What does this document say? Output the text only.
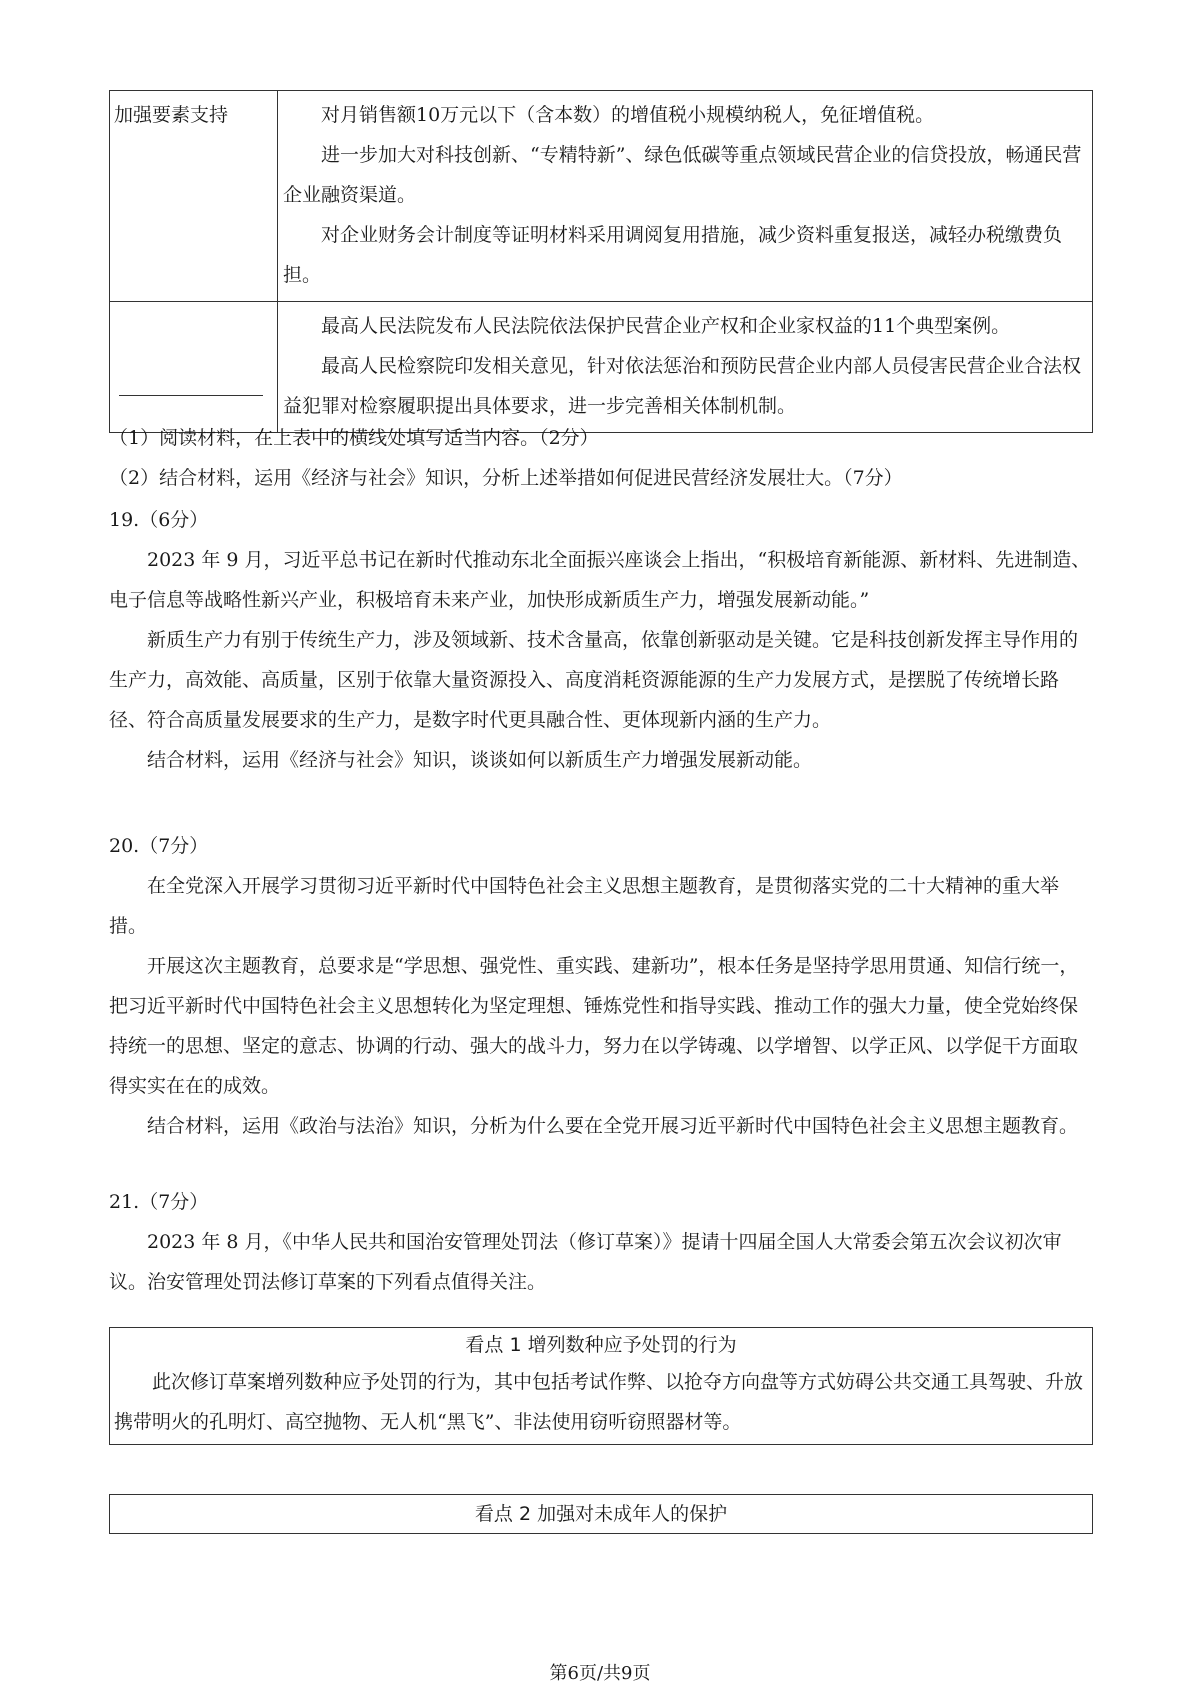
加强要素支持	对月销售额10万元以下（含本数）的增值税小规模纳税人，免征增值税。

进一步加大对科技创新、“专精特新”、绿色低碳等重点领域民营企业的信贷投放，畅通民营企业融资渠道。

对企业财务会计制度等证明材料采用调阅复用措施，减少资料重复报送，减轻办税缴费负担。

	最高人民法院发布人民法院依法保护民营企业产权和企业家权益的11个典型案例。

最高人民检察院印发相关意见，针对依法惩治和预防民营企业内部人员侵害民营企业合法权益犯罪对检察履职提出具体要求，进一步完善相关体制机制。

（1）阅读材料，在上表中的横线处填写适当内容。（2分）

（2）结合材料，运用《经济与社会》知识，分析上述举措如何促进民营经济发展壮大。（7分）

19.（6分）

2023 年 9 月，习近平总书记在新时代推动东北全面振兴座谈会上指出，“积极培育新能源、新材料、先进制造、电子信息等战略性新兴产业，积极培育未来产业，加快形成新质生产力，增强发展新动能。”

新质生产力有别于传统生产力，涉及领域新、技术含量高，依靠创新驱动是关键。它是科技创新发挥主导作用的生产力，高效能、高质量，区别于依靠大量资源投入、高度消耗资源能源的生产力发展方式，是摆脱了传统增长路径、符合高质量发展要求的生产力，是数字时代更具融合性、更体现新内涵的生产力。

结合材料，运用《经济与社会》知识，谈谈如何以新质生产力增强发展新动能。

20.（7分）

在全党深入开展学习贯彻习近平新时代中国特色社会主义思想主题教育，是贯彻落实党的二十大精神的重大举措。

开展这次主题教育，总要求是“学思想、强党性、重实践、建新功”，根本任务是坚持学思用贯通、知信行统一，把习近平新时代中国特色社会主义思想转化为坚定理想、锤炼党性和指导实践、推动工作的强大力量，使全党始终保持统一的思想、坚定的意志、协调的行动、强大的战斗力，努力在以学铸魂、以学增智、以学正风、以学促干方面取得实实在在的成效。

结合材料，运用《政治与法治》知识，分析为什么要在全党开展习近平新时代中国特色社会主义思想主题教育。

21.（7分）

2023 年 8 月，《中华人民共和国治安管理处罚法（修订草案）》提请十四届全国人大常委会第五次会议初次审议。治安管理处罚法修订草案的下列看点值得关注。

看点 1 增列数种应予处罚的行为

此次修订草案增列数种应予处罚的行为，其中包括考试作弊、以抢夺方向盘等方式妨碍公共交通工具驾驶、升放携带明火的孔明灯、高空抛物、无人机“黑飞”、非法使用窃听窃照器材等。

看点 2 加强对未成年人的保护

第6页/共9页
